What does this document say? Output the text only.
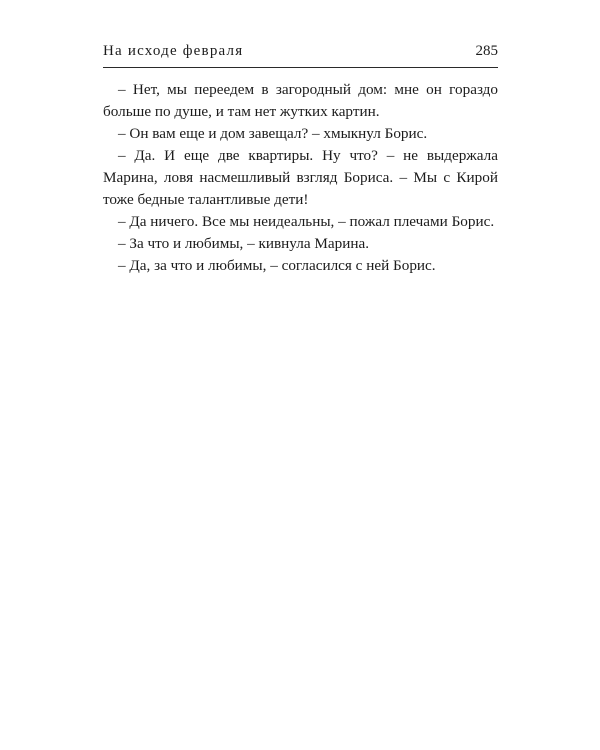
На исходе февраля	285

– Нет, мы переедем в загородный дом: мне он гораздо больше по душе, и там нет жутких картин.

– Он вам еще и дом завещал? – хмыкнул Борис.

– Да. И еще две квартиры. Ну что? – не выдержала Марина, ловя насмешливый взгляд Бориса. – Мы с Кирой тоже бедные талантливые дети!

– Да ничего. Все мы неидеальны, – пожал плечами Борис.

– За что и любимы, – кивнула Марина.

– Да, за что и любимы, – согласился с ней Борис.
